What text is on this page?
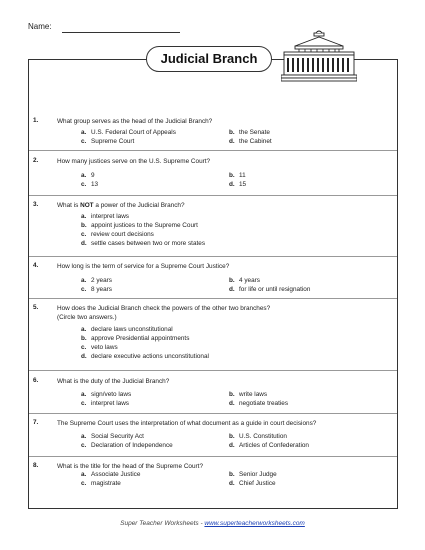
Name:
Judicial Branch
1.	What group serves as the head of the Judicial Branch?
a. U.S. Federal Court of Appeals	b. the Senate
c. Supreme Court	d. the Cabinet
2.	How many justices serve on the U.S. Supreme Court?
a. 9	b. 11
c. 13	d. 15
3.	What is NOT a power of the Judicial Branch?
a. interpret laws
b. appoint justices to the Supreme Court
c. review court decisions
d. settle cases between two or more states
4.	How long is the term of service for a Supreme Court Justice?
a. 2 years	b. 4 years
c. 8 years	d. for life or until resignation
5.	How does the Judicial Branch check the powers of the other two branches?
(Circle two answers.)
a. declare laws unconstitutional
b. approve Presidential appointments
c. veto laws
d. declare executive actions unconstitutional
6.	What is the duty of the Judicial Branch?
a. sign/veto laws	b. write laws
c. interpret laws	d. negotiate treaties
7.	The Supreme Court uses the interpretation of what document as a guide in court decisions?
a. Social Security Act	b. U.S. Constitution
c. Declaration of Independence	d. Articles of Confederation
8.	What is the title for the head of the Supreme Court?
a. Associate Justice	b. Senior Judge
c. magistrate	d. Chief Justice
Super Teacher Worksheets - www.superteacherworksheets.com
